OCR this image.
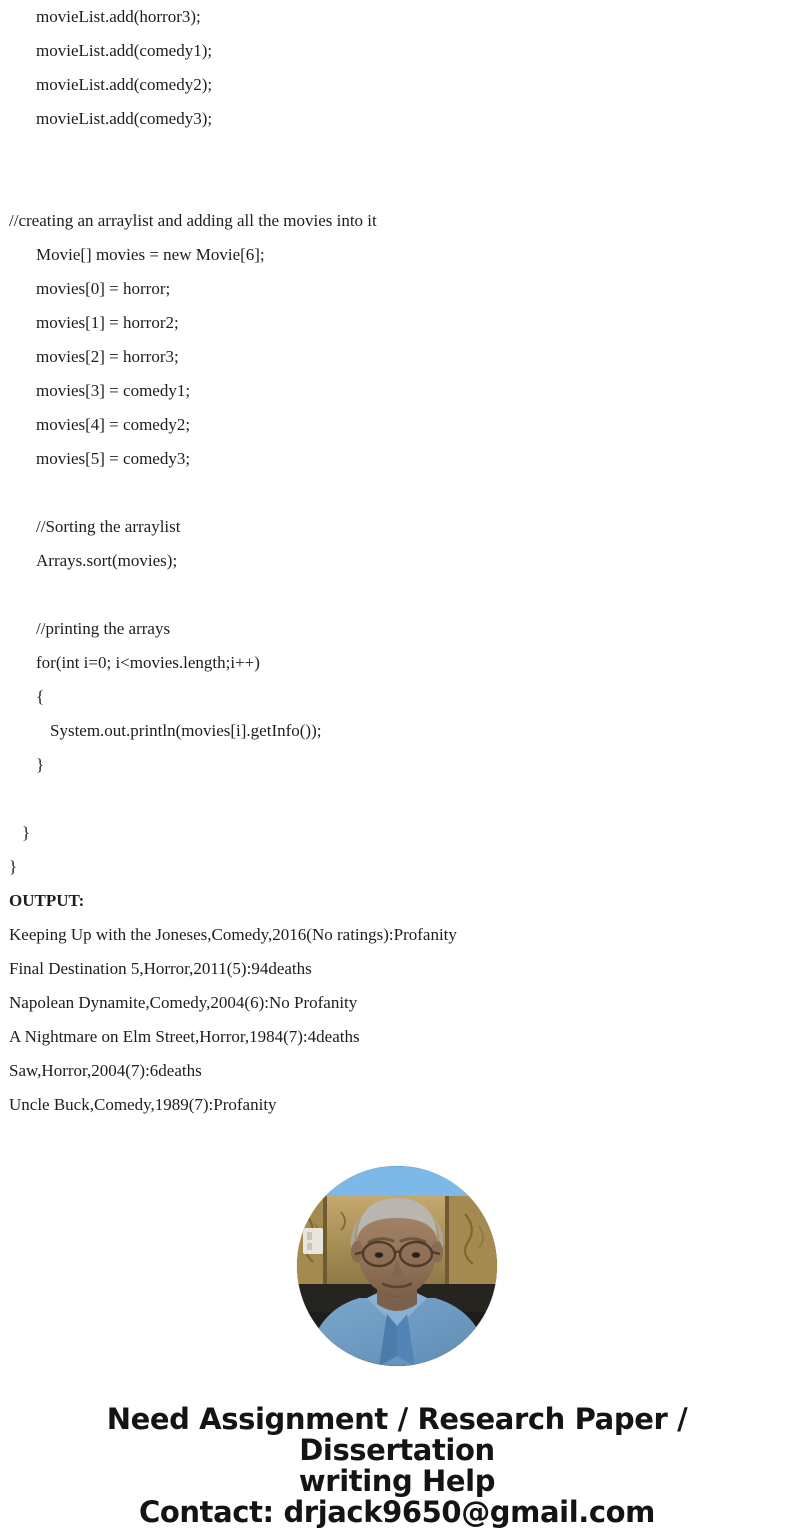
movieList.add(horror3);
movieList.add(comedy1);
movieList.add(comedy2);
movieList.add(comedy3);
//creating an arraylist and adding all the movies into it
Movie[] movies = new Movie[6];
movies[0] = horror;
movies[1] = horror2;
movies[2] = horror3;
movies[3] = comedy1;
movies[4] = comedy2;
movies[5] = comedy3;
//Sorting the arraylist
Arrays.sort(movies);
//printing the arrays
for(int i=0; i<movies.length;i++)
{
System.out.println(movies[i].getInfo());
}
}
}
OUTPUT:
Keeping Up with the Joneses,Comedy,2016(No ratings):Profanity
Final Destination 5,Horror,2011(5):94deaths
Napolean Dynamite,Comedy,2004(6):No Profanity
A Nightmare on Elm Street,Horror,1984(7):4deaths
Saw,Horror,2004(7):6deaths
Uncle Buck,Comedy,1989(7):Profanity
Need Assignment / Research Paper / Dissertation
writing Help
Contact: drjack9650@gmail.com
